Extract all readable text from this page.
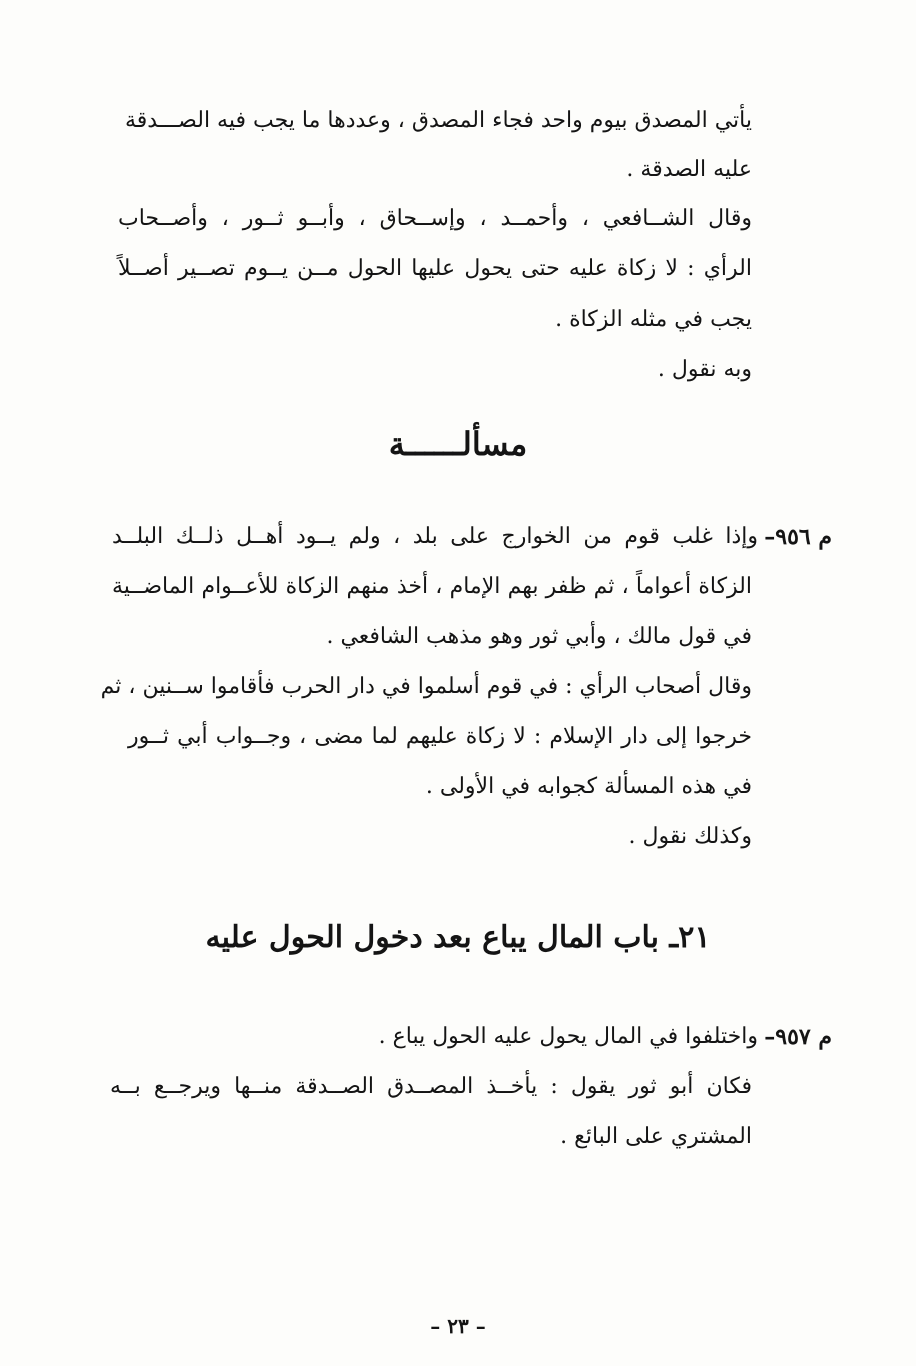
يأتي المصدق بيوم واحد فجاء المصدق ، وعددها ما يجب فيه الصـــدقة
عليه الصدقة .
وقال الشــافعي ، وأحمــد ، وإســحاق ، وأبــو ثــور ، وأصــحاب
الرأي : لا زكاة عليه حتى يحول عليها الحول مــن يــوم تصــير أصــلاً
يجب في مثله الزكاة .
وبه نقول .
مسألــــــة
م ٩٥٦–
وإذا غلب قوم من الخوارج على بلد ، ولم يــود أهــل ذلــك البلــد
الزكاة أعواماً ، ثم ظفر بهم الإمام ، أخذ منهم الزكاة للأعــوام الماضــية
في قول مالك ، وأبي ثور وهو مذهب الشافعي .
وقال أصحاب الرأي : في قوم أسلموا في دار الحرب فأقاموا ســنين ، ثم
خرجوا إلى دار الإسلام : لا زكاة عليهم لما مضى ، وجــواب أبي ثــور
في هذه المسألة كجوابه في الأولى .
وكذلك نقول .
٢١ـ باب المال يباع بعد دخول الحول عليه
م ٩٥٧–
واختلفوا في المال يحول عليه الحول يباع .
فكان أبو ثور يقول : يأخــذ المصــدق الصــدقة منــها ويرجــع بــه
المشتري على البائع .
– ٢٣ –
